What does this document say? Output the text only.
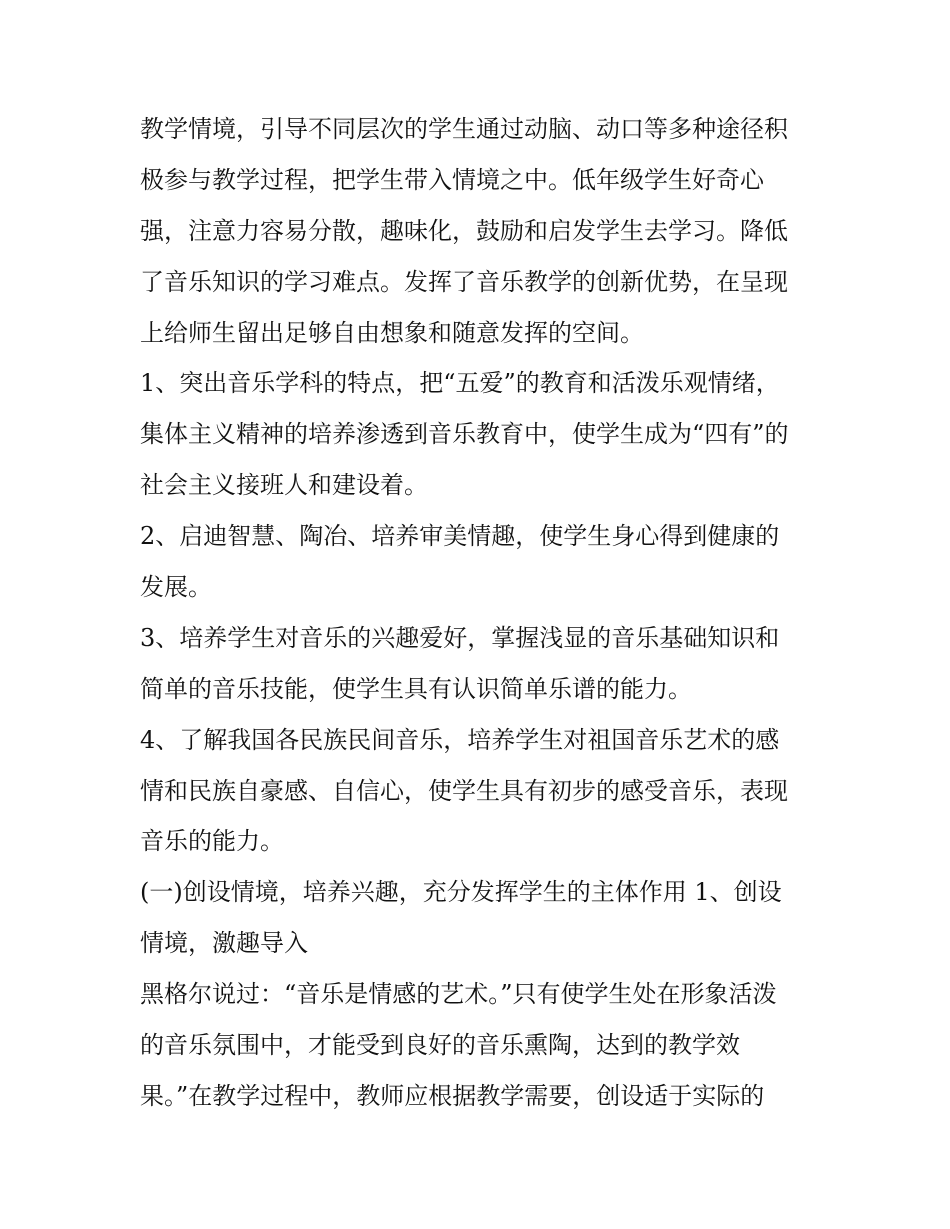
教学情境，引导不同层次的学生通过动脑、动口等多种途径积
极参与教学过程，把学生带入情境之中。低年级学生好奇心
强，注意力容易分散，趣味化，鼓励和启发学生去学习。降低
了音乐知识的学习难点。发挥了音乐教学的创新优势，在呈现
上给师生留出足够自由想象和随意发挥的空间。
1、突出音乐学科的特点，把“五爱”的教育和活泼乐观情绪，
集体主义精神的培养渗透到音乐教育中，使学生成为“四有”的
社会主义接班人和建设着。
2、启迪智慧、陶冶、培养审美情趣，使学生身心得到健康的
发展。
3、培养学生对音乐的兴趣爱好，掌握浅显的音乐基础知识和
简单的音乐技能，使学生具有认识简单乐谱的能力。
4、了解我国各民族民间音乐，培养学生对祖国音乐艺术的感
情和民族自豪感、自信心，使学生具有初步的感受音乐，表现
音乐的能力。
(一)创设情境，培养兴趣，充分发挥学生的主体作用 1、创设
情境，激趣导入
黑格尔说过：“音乐是情感的艺术。”只有使学生处在形象活泼
的音乐氛围中，才能受到良好的音乐熏陶，达到的教学效
果。”在教学过程中，教师应根据教学需要，创设适于实际的
